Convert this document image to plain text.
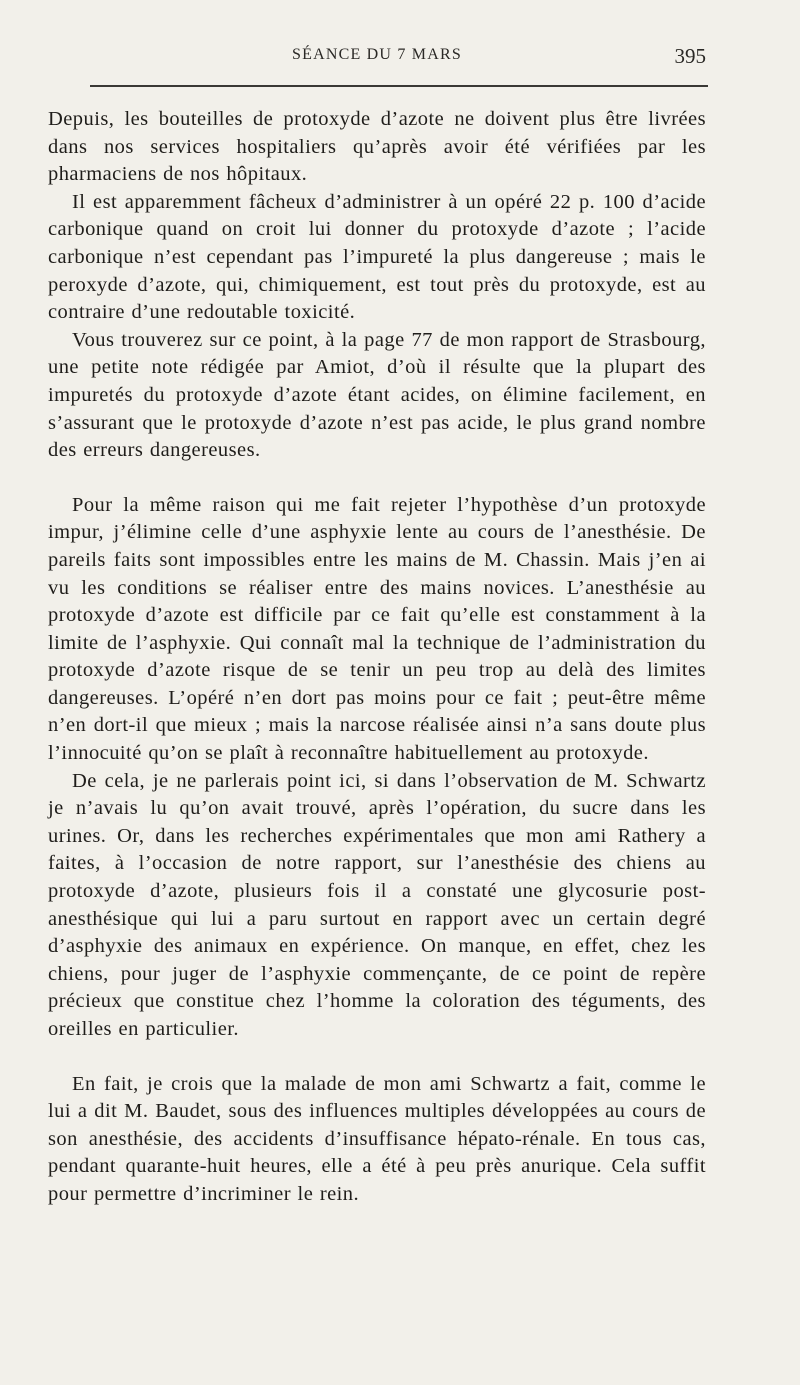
SÉANCE DU 7 MARS	395

Depuis, les bouteilles de protoxyde d’azote ne doivent plus être livrées dans nos services hospitaliers qu’après avoir été vérifiées par les pharmaciens de nos hôpitaux.

Il est apparemment fâcheux d’administrer à un opéré 22 p. 100 d’acide carbonique quand on croit lui donner du protoxyde d’azote ; l’acide carbonique n’est cependant pas l’impureté la plus dangereuse ; mais le peroxyde d’azote, qui, chimiquement, est tout près du protoxyde, est au contraire d’une redoutable toxicité.

Vous trouverez sur ce point, à la page 77 de mon rapport de Strasbourg, une petite note rédigée par Amiot, d’où il résulte que la plupart des impuretés du protoxyde d’azote étant acides, on élimine facilement, en s’assurant que le protoxyde d’azote n’est pas acide, le plus grand nombre des erreurs dangereuses.

Pour la même raison qui me fait rejeter l’hypothèse d’un protoxyde impur, j’élimine celle d’une asphyxie lente au cours de l’anesthésie. De pareils faits sont impossibles entre les mains de M. Chassin. Mais j’en ai vu les conditions se réaliser entre des mains novices. L’anesthésie au protoxyde d’azote est difficile par ce fait qu’elle est constamment à la limite de l’asphyxie. Qui connaît mal la technique de l’administration du protoxyde d’azote risque de se tenir un peu trop au delà des limites dangereuses. L’opéré n’en dort pas moins pour ce fait ; peut-être même n’en dort-il que mieux ; mais la narcose réalisée ainsi n’a sans doute plus l’innocuité qu’on se plaît à reconnaître habituellement au protoxyde.

De cela, je ne parlerais point ici, si dans l’observation de M. Schwartz je n’avais lu qu’on avait trouvé, après l’opération, du sucre dans les urines. Or, dans les recherches expérimentales que mon ami Rathery a faites, à l’occasion de notre rapport, sur l’anesthésie des chiens au protoxyde d’azote, plusieurs fois il a constaté une glycosurie post-anesthésique qui lui a paru surtout en rapport avec un certain degré d’asphyxie des animaux en expérience. On manque, en effet, chez les chiens, pour juger de l’asphyxie commençante, de ce point de repère précieux que constitue chez l’homme la coloration des téguments, des oreilles en particulier.

En fait, je crois que la malade de mon ami Schwartz a fait, comme le lui a dit M. Baudet, sous des influences multiples développées au cours de son anesthésie, des accidents d’insuffisance hépato-rénale. En tous cas, pendant quarante-huit heures, elle a été à peu près anurique. Cela suffit pour permettre d’incriminer le rein.
